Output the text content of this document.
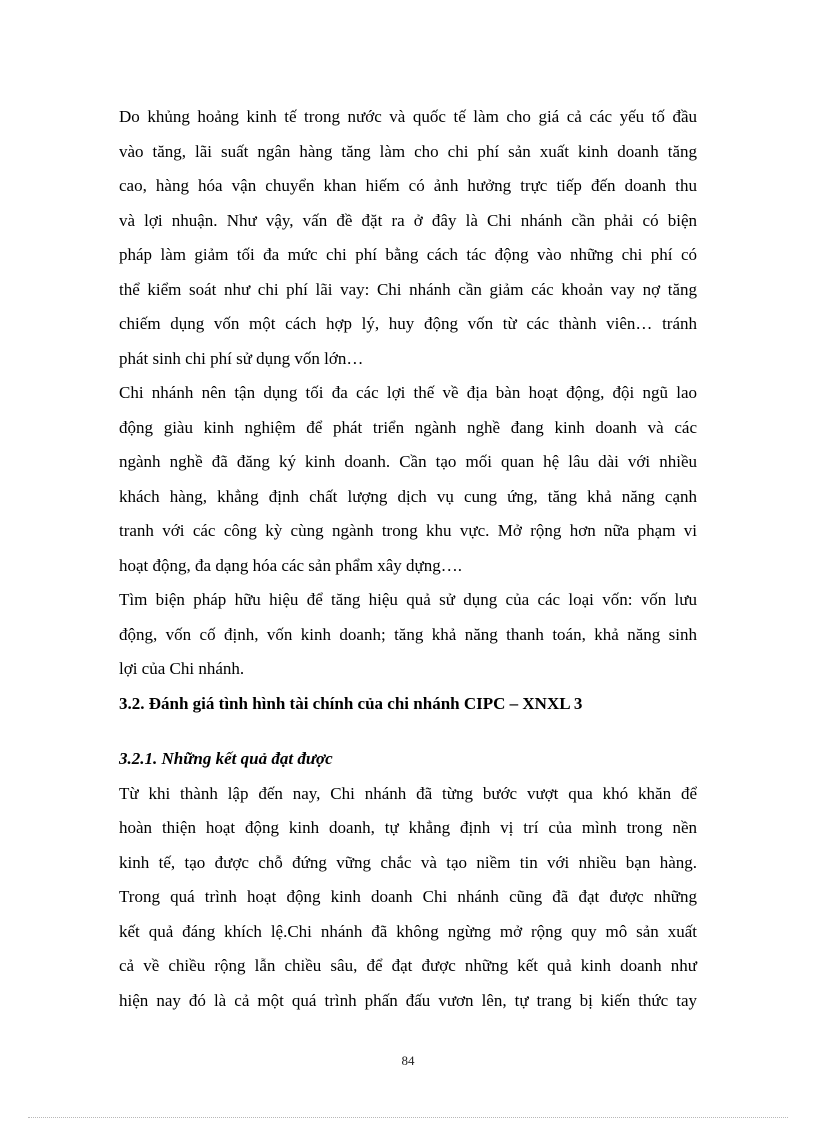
Do khủng hoảng kinh tế trong nước và quốc tế làm cho giá cả các yếu tố đầu
vào tăng, lãi suất ngân hàng tăng làm cho chi phí sản xuất kinh doanh tăng
cao, hàng hóa vận chuyển khan hiếm có ảnh hưởng trực tiếp đến doanh thu
và lợi nhuận. Như vậy, vấn đề đặt ra ở đây là Chi nhánh cần phải có biện
pháp làm giảm tối đa mức chi phí bằng cách tác động vào những chi phí có
thể kiểm soát như chi phí lãi vay: Chi nhánh cần giảm các khoản vay nợ tăng
chiếm dụng vốn một cách hợp lý, huy động vốn từ các thành viên… tránh
phát sinh chi phí sử dụng vốn lớn…
Chi nhánh nên tận dụng tối đa các lợi thế về địa bàn hoạt động, đội ngũ lao
động giàu kinh nghiệm để phát triển ngành nghề đang kinh doanh và các
ngành nghề đã đăng ký kinh doanh. Cần tạo mối quan hệ lâu dài với nhiều
khách hàng, khẳng định chất lượng dịch vụ cung ứng, tăng khả năng cạnh
tranh với các công kỳ cùng ngành trong khu vực. Mở rộng hơn nữa phạm vi
hoạt động, đa dạng hóa các sản phẩm xây dựng….
Tìm biện pháp hữu hiệu để tăng hiệu quả sử dụng của các loại vốn: vốn lưu
động, vốn cố định, vốn kinh doanh; tăng khả năng thanh toán, khả năng sinh
lợi của Chi nhánh.
3.2. Đánh giá tình hình tài chính của chi nhánh CIPC – XNXL 3
3.2.1. Những kết quả đạt được
Từ khi thành lập đến nay, Chi nhánh đã từng bước vượt qua khó khăn để
hoàn thiện hoạt động kinh doanh, tự khẳng định vị trí của mình trong nền
kinh tế, tạo được chỗ đứng vững chắc và tạo niềm tin với nhiều bạn hàng.
Trong quá trình hoạt động kinh doanh Chi nhánh cũng đã đạt được những
kết quả đáng khích lệ.Chi nhánh đã không ngừng mở rộng quy mô sản xuất
cả về chiều rộng lẫn chiều sâu, để đạt được những kết quả kinh doanh như
hiện nay đó là cả một quá trình phấn đấu vươn lên, tự trang bị kiến thức tay
84
